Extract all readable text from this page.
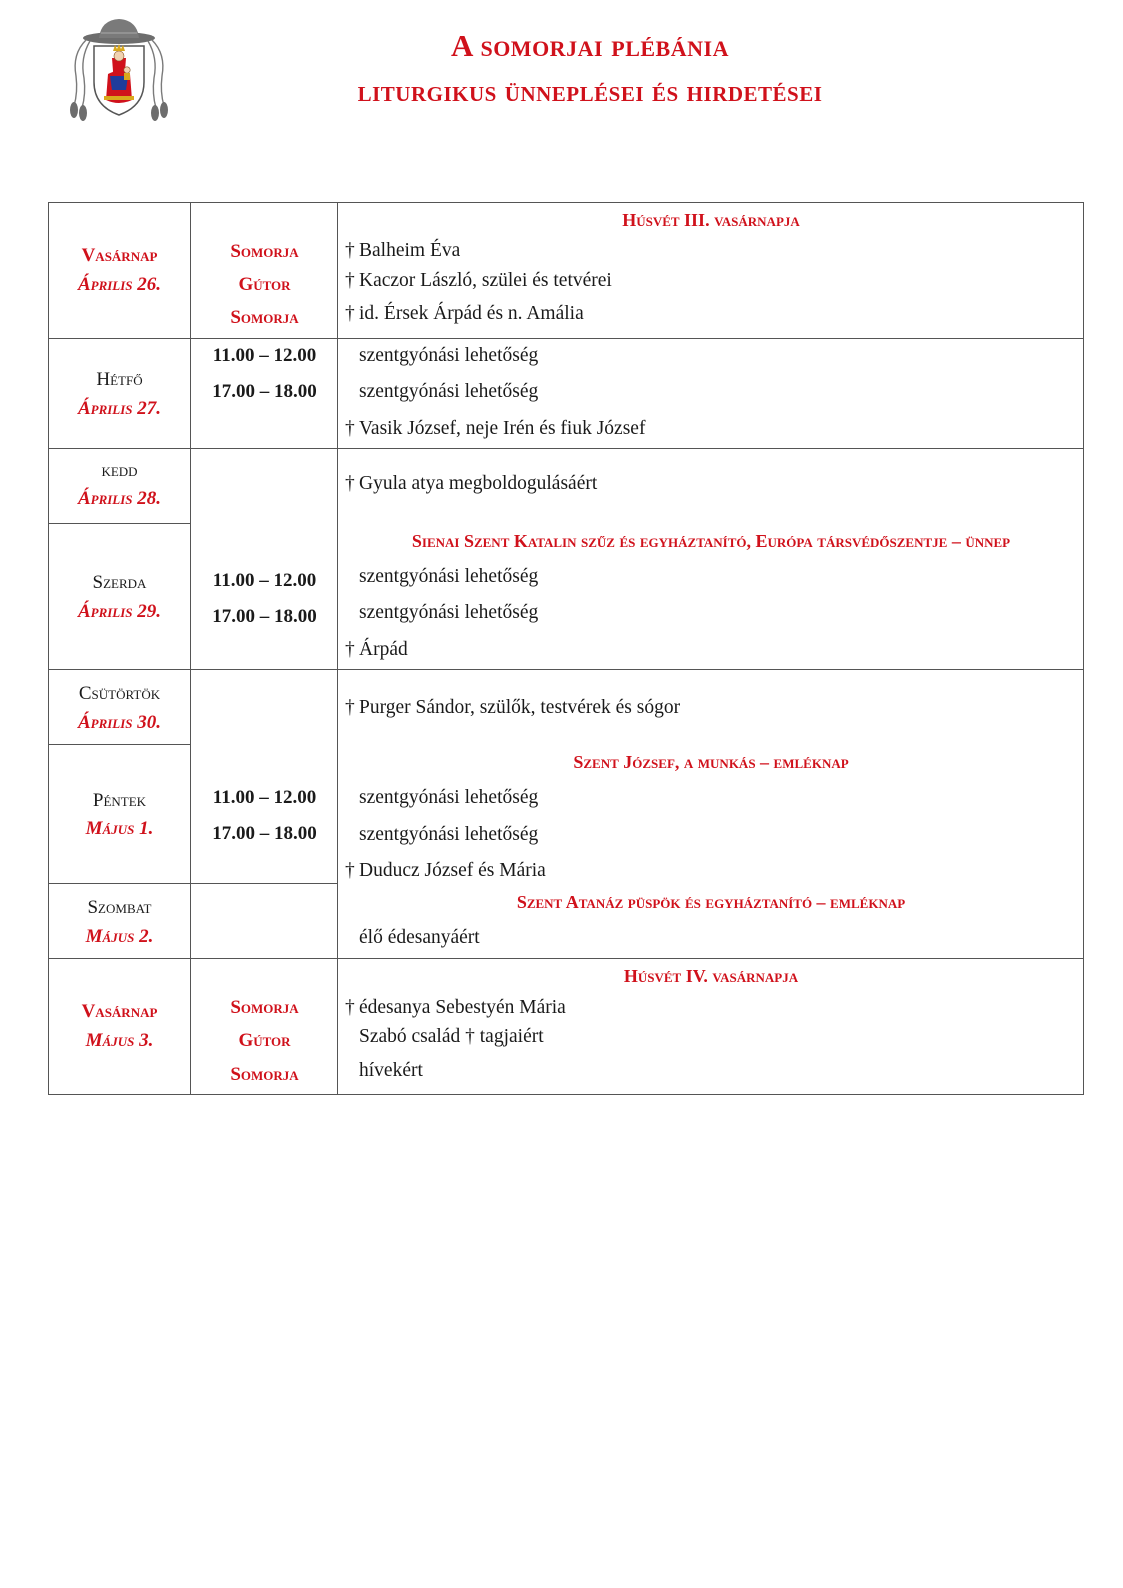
A somorjai plébánia
liturgikus ünneplései és hirdetései
Vasárnap
Április 26.
Somorja
Gútor
Somorja
Húsvét III. vasárnapja
† Balheim Éva
† Kaczor László, szülei és tetvérei
† id. Érsek Árpád és n. Amália
Hétfő
Április 27.
11.00 – 12.00
17.00 – 18.00
szentgyónási lehetőség
szentgyónási lehetőség
† Vasik József, neje Irén és fiuk József
kedd
Április 28.
† Gyula atya megboldogulásáért
Szerda
Április 29.
11.00 – 12.00
17.00 – 18.00
Sienai Szent Katalin szűz és egyháztanító, Európa társvédőszentje – ünnep
szentgyónási lehetőség
szentgyónási lehetőség
† Árpád
Csütörtök
Április 30.
† Purger Sándor, szülők, testvérek és sógor
Péntek
Május 1.
11.00 – 12.00
17.00 – 18.00
Szent József, a munkás – emléknap
szentgyónási lehetőség
szentgyónási lehetőség
† Duducz József és Mária
Szombat
Május 2.
Szent Atanáz püspök és egyháztanító – emléknap
élő édesanyáért
Vasárnap
Május 3.
Somorja
Gútor
Somorja
Húsvét IV. vasárnapja
† édesanya Sebestyén Mária
Szabó család † tagjaiért
hívekért
